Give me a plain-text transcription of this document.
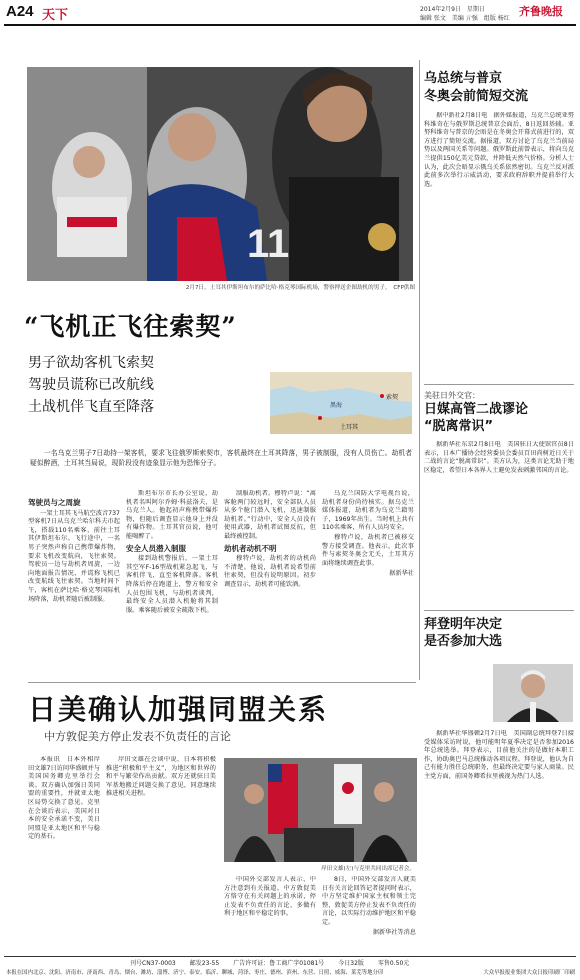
A24 天下	2014年2月9日　星期日
编辑 张文　美编 亓强　组版 杨红
齐鲁晚报
11
2月7日，土耳其伊斯坦布尔的萨比哈·格克琴国际机场，警察押送企图劫机的男子。　CFP供图
“飞机正飞往索契”
男子欲劫客机飞索契
驾驶员谎称已改航线
土战机伴飞直至降落	黑海
索契
土耳其
一名乌克兰男子7日劫持一架客机，要求飞往俄罗斯索契市，客机最终在土耳其降落，男子被制服，没有人员伤亡。劫机者疑似醉酒，土耳其当局说，现阶段没有迹象显示他为恐怖分子。
驾驶员与之周旋

一架土耳其飞马航空波音737型客机7日从乌克兰哈尔科夫市起飞，搭载110名乘客，前往土耳其伊斯坦布尔。飞行途中，一名男子突然声称自己携带爆炸物，要求飞机改变航向，飞往索契。驾驶员一边与劫机者周旋，一边向地面报告情况，并谎称飞机已改变航线飞往索契。当地时间下午，客机在萨比哈·格克琴国际机场降落，劫机者随后被制服。

斯坦布尔市长办公室说，劫机者名叫阿尔乔姆·科兹洛夫，是乌克兰人。他起初声称携带爆炸物，但随后调查显示他身上并没有爆炸物。土耳其官员说，他可能喝醉了。

安全人员潜入制服

接到劫机警报后，一架土耳其空军F-16型战机紧急起飞，与客机伴飞，直至客机降落。客机降落后停在跑道上，警方和安全人员包围飞机，与劫机者谈判，最终安全人员潜入机舱将其制服。乘客随后被安全疏散下机。

制服劫机者。穆特卢说：“离客舱两门较远时，安全部队人员从多个舱门潜入飞机，迅速制服劫机者。”行动中，安全人员没有使用武器，劫机者试图反抗，但最终被控制。

劫机者动机不明

穆特卢说，劫机者的动机尚不清楚。他说，劫机者说希望前往索契，但没有说明原因。初步调查显示，劫机者可能饮酒。

乌克兰国防大学电视台说，劫机者身份尚待核实。据乌克兰媒体报道，劫机者为乌克兰籍男子，1969年出生。当时机上共有110名乘客，所有人员均安全。

穆特卢说，劫机者已被移交警方接受调查。他表示，此次事件与索契冬奥会无关，土耳其方面将继续调查此事。

据新华社
乌总统与普京
冬奥会前简短交流
据中新社2月8日电　据外媒报道，乌克兰总统亚努科维奇在与俄罗斯总统普京会面后，8日返回基辅。亚努科维奇与普京的会晤是在冬奥会开幕式前进行的，双方进行了简短交流。据报道，双方讨论了乌克兰当前局势以及两国关系等问题。俄罗斯此前曾表示，将向乌克兰提供150亿美元贷款，并降低天然气价格。分析人士认为，此次会晤显示俄乌关系依然密切。乌克兰反对派此前多次举行示威活动，要求政府辞职并提前举行大选。
美驻日外交官：
日媒高管二战谬论
“脱离常识”
据新华社东京2月8日电　美国驻日大使馆官员8日表示，日本广播协会经营委员会委员百田尚树近日关于二战的言论“脱离常识”。美方认为，这类言论无助于地区稳定，希望日本各界人士避免发表刺激邻国的言论。
拜登明年决定
是否参加大选
据新华社华盛顿2月7日电　美国副总统拜登7日接受媒体采访时说，他可能明年夏季决定是否参加2016年总统选举。拜登表示，目前他关注的是做好本职工作，协助奥巴马总统推动各项议程。拜登说，他认为自己有能力胜任总统职务，但最终决定要与家人商量。民主党方面，前国务卿希拉里被视为热门人选。
日美确认加强同盟关系
中方敦促美方停止发表不负责任的言论
本报讯　日本外相岸田文雄7日访问华盛顿并与美国国务卿克里举行会谈。双方确认加强日美同盟的重要性，并就亚太地区局势交换了意见。克里在会谈后表示，美国对日本的安全承诺不变，美日同盟是亚太地区和平与稳定的基石。
岸田文雄在会谈中说，日本将积极推进“积极和平主义”，为地区和世界的和平与繁荣作出贡献。双方还就驻日美军基地搬迁问题交换了意见，同意继续推进相关进程。
岸田文雄(左)与克里共同出席记者会。
中国外交部发言人表示，中方注意到有关报道。中方敦促美方恪守在有关问题上的承诺，停止发表不负责任的言论，多做有利于地区和平稳定的事。

8日，中国外交部发言人就美日有关言论回答记者提问时表示，中方坚定维护国家主权和领土完整，敦促美方停止发表不负责任的言论，以实际行动维护地区和平稳定。

据新华社等消息
刊号CN37-0003 邮发23-55 广告许可证：鲁工商广字01081号 今日32版 零售0.50元
本报在国内北京、沈阳、济南市、济南西、青岛、烟台、潍坊、淄博、济宁、泰安、临沂、聊城、菏泽、枣庄、德州、滨州、东营、日照、威海、莱芜等地分印	大众早报报业集团大众日报印刷厂印刷
